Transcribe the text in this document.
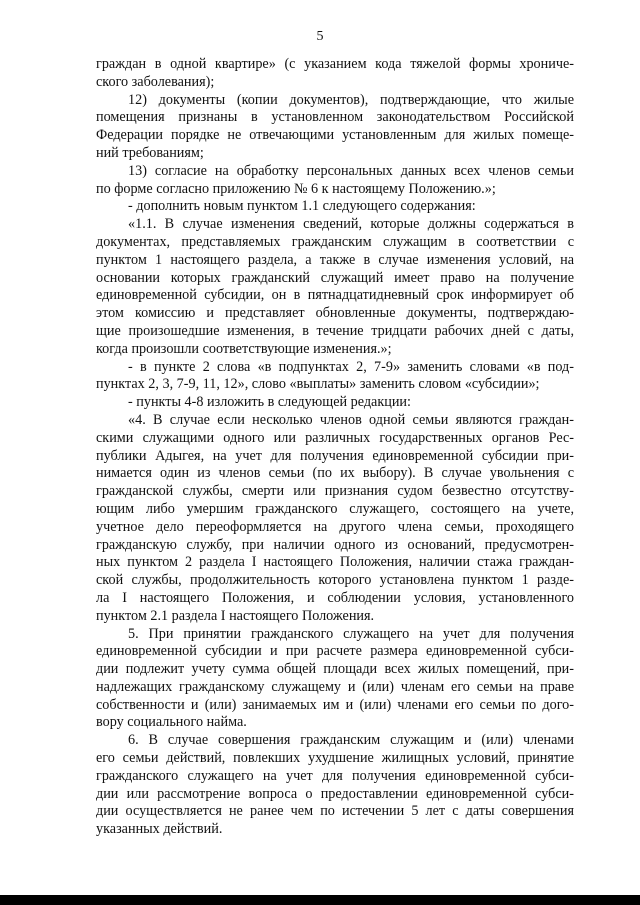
5
граждан в одной квартире» (с указанием кода тяжелой формы хрониче-
ского заболевания);
12) документы (копии документов), подтверждающие, что жилые
помещения признаны в установленном законодательством Российской
Федерации порядке не отвечающими установленным для жилых помеще-
ний требованиям;
13) согласие на обработку персональных данных всех членов семьи
по форме согласно приложению № 6 к настоящему Положению.»;
- дополнить новым пунктом 1.1 следующего содержания:
«1.1. В случае изменения сведений, которые должны содержаться в
документах, представляемых гражданским служащим в соответствии с
пунктом 1 настоящего раздела, а также в случае изменения условий, на
основании которых гражданский служащий имеет право на получение
единовременной субсидии, он в пятнадцатидневный срок информирует об
этом комиссию и представляет обновленные документы, подтверждаю-
щие произошедшие изменения, в течение тридцати рабочих дней с даты,
когда произошли соответствующие изменения.»;
- в пункте 2 слова «в подпунктах 2, 7-9» заменить словами «в под-
пунктах 2, 3, 7-9, 11, 12», слово «выплаты» заменить словом «субсидии»;
- пункты 4-8 изложить в следующей редакции:
«4. В случае если несколько членов одной семьи являются граждан-
скими служащими одного или различных государственных органов Рес-
публики Адыгея, на учет для получения единовременной субсидии при-
нимается один из членов семьи (по их выбору). В случае увольнения с
гражданской службы, смерти или признания судом безвестно отсутству-
ющим либо умершим гражданского служащего, состоящего на учете,
учетное дело переоформляется на другого члена семьи, проходящего
гражданскую службу, при наличии одного из оснований, предусмотрен-
ных пунктом 2 раздела I настоящего Положения, наличии стажа граждан-
ской службы, продолжительность которого установлена пунктом 1 разде-
ла I настоящего Положения, и соблюдении условия, установленного
пунктом 2.1 раздела I настоящего Положения.
5. При принятии гражданского служащего на учет для получения
единовременной субсидии и при расчете размера единовременной субси-
дии подлежит учету сумма общей площади всех жилых помещений, при-
надлежащих гражданскому служащему и (или) членам его семьи на праве
собственности и (или) занимаемых им и (или) членами его семьи по дого-
вору социального найма.
6. В случае совершения гражданским служащим и (или) членами
его семьи действий, повлекших ухудшение жилищных условий, принятие
гражданского служащего на учет для получения единовременной субси-
дии или рассмотрение вопроса о предоставлении единовременной субси-
дии осуществляется не ранее чем по истечении 5 лет с даты совершения
указанных действий.
